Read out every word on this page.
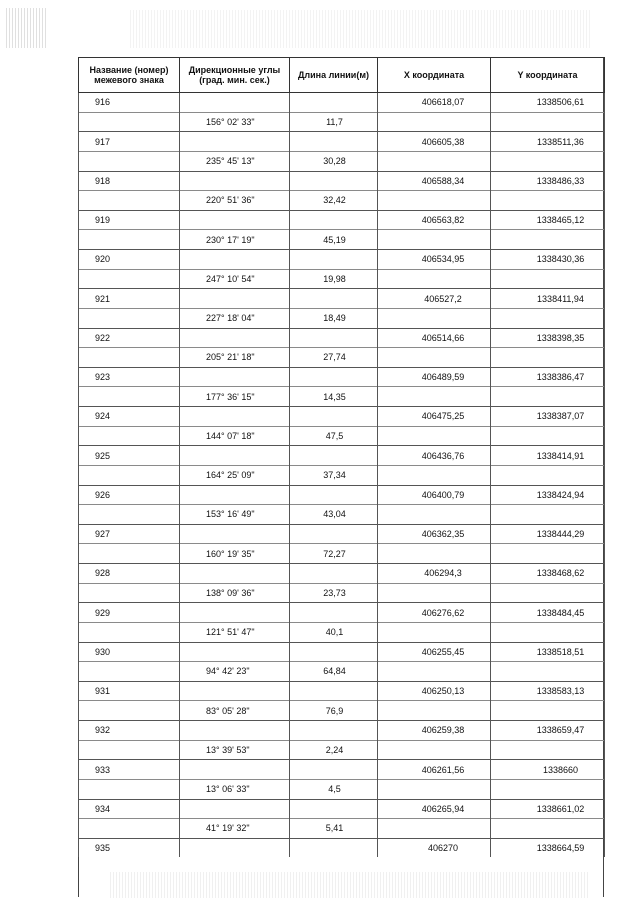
Название (номер) межевого знака	Дирекционные углы (град. мин. сек.)	Длина линии(м)	X координата	Y координата
916			406618,07	1338506,61
	156° 02' 33"	11,7		
917			406605,38	1338511,36
	235° 45' 13"	30,28		
918			406588,34	1338486,33
	220° 51' 36"	32,42		
919			406563,82	1338465,12
	230° 17' 19"	45,19		
920			406534,95	1338430,36
	247° 10' 54"	19,98		
921			406527,2	1338411,94
	227° 18' 04"	18,49		
922			406514,66	1338398,35
	205° 21' 18"	27,74		
923			406489,59	1338386,47
	177° 36' 15"	14,35		
924			406475,25	1338387,07
	144° 07' 18"	47,5		
925			406436,76	1338414,91
	164° 25' 09"	37,34		
926			406400,79	1338424,94
	153° 16' 49"	43,04		
927			406362,35	1338444,29
	160° 19' 35"	72,27		
928			406294,3	1338468,62
	138° 09' 36"	23,73		
929			406276,62	1338484,45
	121° 51' 47"	40,1		
930			406255,45	1338518,51
	94° 42' 23"	64,84		
931			406250,13	1338583,13
	83° 05' 28"	76,9		
932			406259,38	1338659,47
	13° 39' 53"	2,24		
933			406261,56	1338660
	13° 06' 33"	4,5		
934			406265,94	1338661,02
	41° 19' 32"	5,41		
935			406270	1338664,59
